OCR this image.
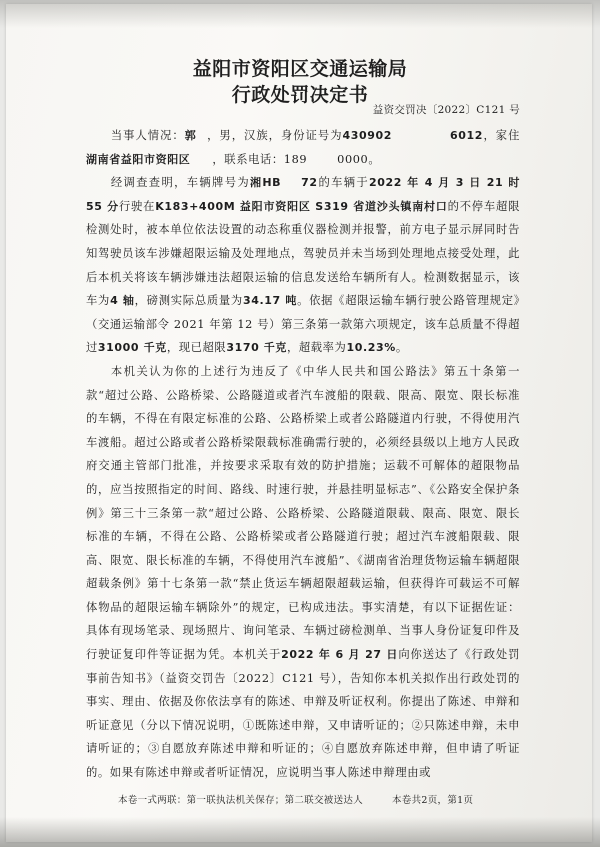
益阳市资阳区交通运输局
行政处罚决定书
益资交罚决〔2022〕C121 号

当事人情况：郭 ，男，汉族，身份证号为430902	6012，家住湖南省益阳市资阳区 ，联系电话：189	0000。

经调查查明，车辆牌号为湘HB 72的车辆于2022 年 4 月 3 日 21 时 55 分行驶在K183+400M 益阳市资阳区 S319 省道沙头镇南村口的不停车超限检测处时，被本单位依法设置的动态称重仪器检测并报警，前方电子显示屏同时告知驾驶员该车涉嫌超限运输及处理地点，驾驶员并未当场到处理地点接受处理，此后本机关将该车辆涉嫌违法超限运输的信息发送给车辆所有人。检测数据显示，该车为4 轴，磅测实际总质量为34.17 吨。依据《超限运输车辆行驶公路管理规定》（交通运输部令 2021 年第 12 号）第三条第一款第六项规定，该车总质量不得超过31000 千克，现已超限3170 千克，超载率为10.23%。

本机关认为你的上述行为违反了《中华人民共和国公路法》第五十条第一款“超过公路、公路桥梁、公路隧道或者汽车渡船的限载、限高、限宽、限长标准的车辆，不得在有限定标准的公路、公路桥梁上或者公路隧道内行驶，不得使用汽车渡船。超过公路或者公路桥梁限载标准确需行驶的，必须经县级以上地方人民政府交通主管部门批准，并按要求采取有效的防护措施；运载不可解体的超限物品的，应当按照指定的时间、路线、时速行驶，并悬挂明显标志”、《公路安全保护条例》第三十三条第一款“超过公路、公路桥梁、公路隧道限载、限高、限宽、限长标准的车辆，不得在公路、公路桥梁或者公路隧道行驶；超过汽车渡船限载、限高、限宽、限长标准的车辆，不得使用汽车渡船”、《湖南省治理货物运输车辆超限超载条例》第十七条第一款“禁止货运车辆超限超载运输，但获得许可载运不可解体物品的超限运输车辆除外”的规定，已构成违法。事实清楚，有以下证据佐证：具体有现场笔录、现场照片、询问笔录、车辆过磅检测单、当事人身份证复印件及行驶证复印件等证据为凭。本机关于2022 年 6 月 27 日向你送达了《行政处罚事前告知书》（益资交罚告〔2022〕C121 号），告知你本机关拟作出行政处罚的事实、理由、依据及你依法享有的陈述、申辩及听证权利。你提出了陈述、申辩和听证意见（分以下情况说明，①既陈述申辩，又申请听证的；②只陈述申辩，未申请听证的；③自愿放弃陈述申辩和听证的；④自愿放弃陈述申辩，但申请了听证的。如果有陈述申辩或者听证情况，应说明当事人陈述申辩理由或

本卷一式两联：第一联执法机关保存；第二联交被送达人	本卷共2页，第1页
